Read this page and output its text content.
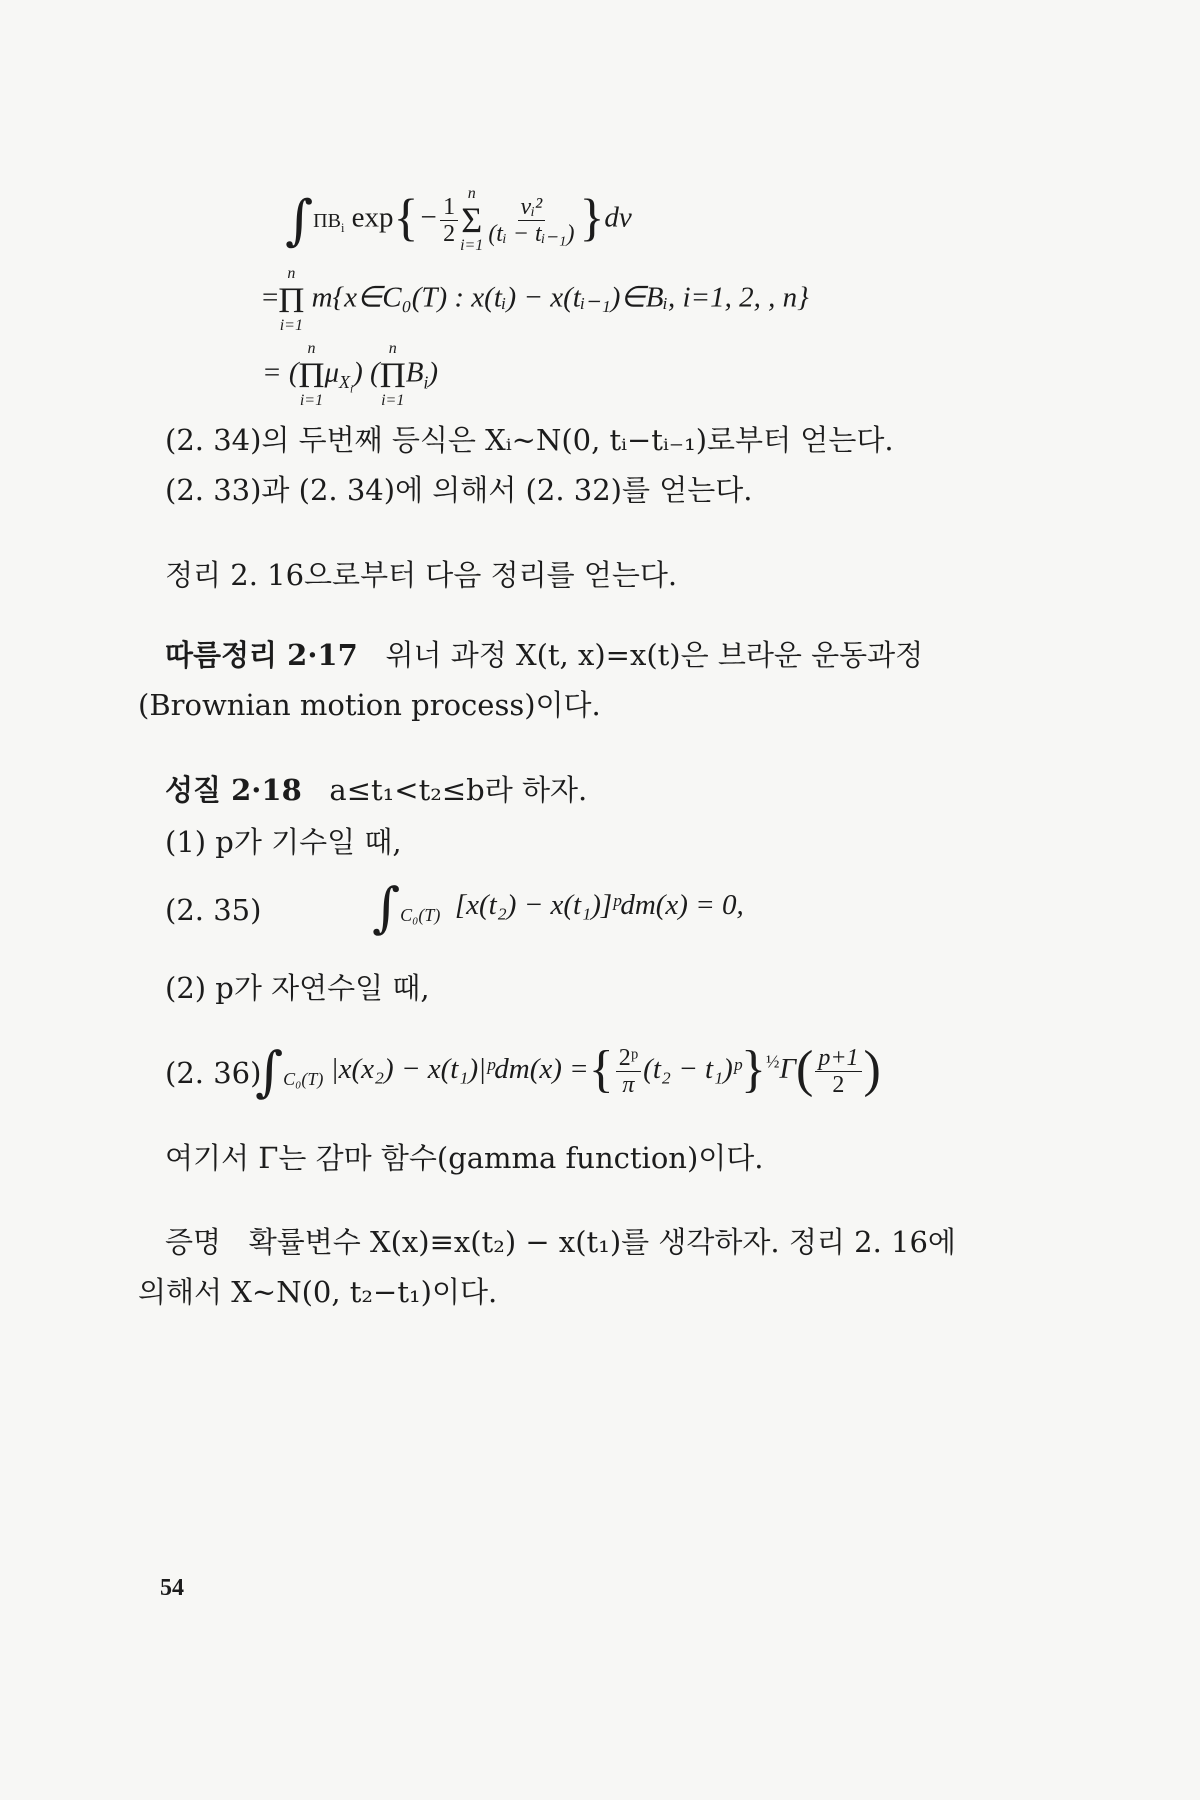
$\int\Pi B_i$ $\exp\{- \frac{1}{2}$ n
Σ
$i=1 \frac{\text{vᵢ²}}{\text{(tᵢ − tᵢ₋₁)}} \}dv$
=
n
Π
i=1
m{x∈C₀(T) : x(tᵢ) − x(tᵢ₋₁)∈Bᵢ, i=1, 2, , n}
= (
n
Π
i=1
$\mu_{X_i}$) (
n
Π
i=1
$B_i$)
(2. 34)의 두번째 등식은 Xᵢ~N(0, tᵢ−tᵢ₋₁)로부터 얻는다.
(2. 33)과 (2. 34)에 의해서 (2. 32)를 얻는다.
정리 2. 16으로부터 다음 정리를 얻는다.
따름정리 2·17 위너 과정 X(t, x)=x(t)은 브라운 운동과정
(Brownian motion process)이다.
성질 2·18 a≤t₁<t₂≤b라 하자.
(1) p가 기수일 때,
(2. 35) $\int_{C_0(T)}$ [x(t₂) − x(t₁)]ᵖdm(x) = 0,
(2) p가 자연수일 때,
(2. 36)
$\int_{C_0(T)}$ |x(x₂) − x(t₁)|ᵖdm(x) ={ $\frac{\text{2ᵖ}}{\pi} (t_2$ − t₁)ᵖ}$^{\frac{1}{2}}$Γ( $\frac{p+1}{2}$ )
여기서 Γ는 감마 함수(gamma function)이다.
증명 확률변수 X(x)≡x(t₂) − x(t₁)를 생각하자. 정리 2. 16에
의해서 X~N(0, t₂−t₁)이다.
54
